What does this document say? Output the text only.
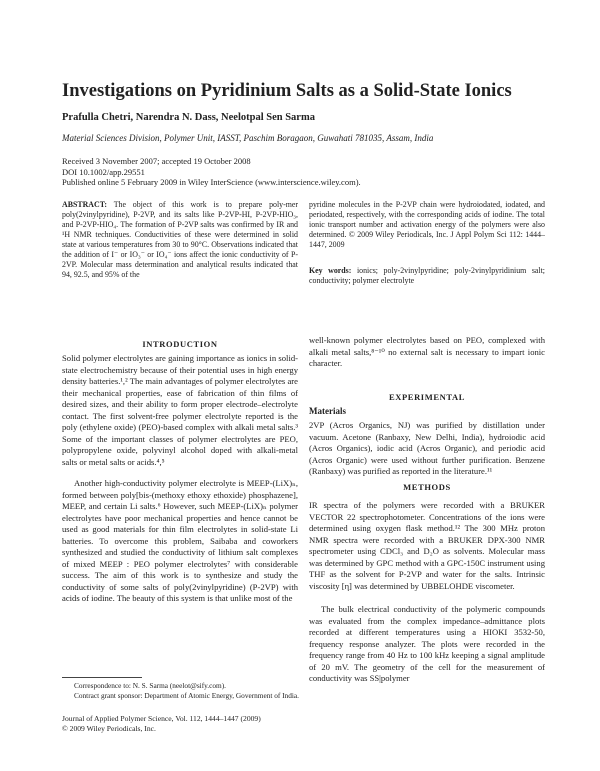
Investigations on Pyridinium Salts as a Solid-State Ionics
Prafulla Chetri, Narendra N. Dass, Neelotpal Sen Sarma
Material Sciences Division, Polymer Unit, IASST, Paschim Boragaon, Guwahati 781035, Assam, India
Received 3 November 2007; accepted 19 October 2008
DOI 10.1002/app.29551
Published online 5 February 2009 in Wiley InterScience (www.interscience.wiley.com).

ABSTRACT: The object of this work is to prepare poly-mer poly(2vinylpyridine), P-2VP, and its salts like P-2VP-HI, P-2VP-HIO₃, and P-2VP-HIO₄. The formation of P-2VP salts was confirmed by IR and ¹H NMR techniques. Conductivities of these were determined in solid state at various temperatures from 30 to 90°C. Observations indicated that the addition of I⁻ or IO₃⁻ or IO₄⁻ ions affect the ionic conductivity of P-2VP. Molecular mass determination and analytical results indicated that 94, 92.5, and 95% of the

pyridine molecules in the P-2VP chain were hydroiodated, iodated, and periodated, respectively, with the corresponding acids of iodine. The total ionic transport number and activation energy of the polymers were also determined. © 2009 Wiley Periodicals, Inc. J Appl Polym Sci 112: 1444–1447, 2009

Key words: ionics; poly-2vinylpyridine; poly-2vinylpyridinium salt; conductivity; polymer electrolyte

INTRODUCTION

Solid polymer electrolytes are gaining importance as ionics in solid-state electrochemistry because of their potential uses in high energy density batteries.¹,² The main advantages of polymer electrolytes are their mechanical properties, ease of fabrication of thin films of desired sizes, and their ability to form proper electrode–electrolyte contact. The first solvent-free polymer electrolyte reported is the poly (ethylene oxide) (PEO)-based complex with alkali metal salts.³ Some of the important classes of polymer electrolytes are PEO, polypropylene oxide, polyvinyl alcohol doped with alkali-metal salts or metal salts or acids.⁴,⁵

Another high-conductivity polymer electrolyte is MEEP-(LiX)ₙ, formed between poly[bis-(methoxy ethoxy ethoxide) phosphazene], MEEP, and certain Li salts.⁶ However, such MEEP-(LiX)ₙ polymer electrolytes have poor mechanical properties and hence cannot be used as good materials for thin film electrolytes in solid-state Li batteries. To overcome this problem, Saibaba and coworkers synthesized and studied the conductivity of lithium salt complexes of mixed MEEP : PEO polymer electrolytes⁷ with considerable success. The aim of this work is to synthesize and study the conductivity of some salts of poly(2vinylpyridine) (P-2VP) with acids of iodine. The beauty of this system is that unlike most of the

well-known polymer electrolytes based on PEO, complexed with alkali metal salts,⁸⁻¹⁰ no external salt is necessary to impart ionic character.

EXPERIMENTAL
Materials

2VP (Acros Organics, NJ) was purified by distillation under vacuum. Acetone (Ranbaxy, New Delhi, India), hydroiodic acid (Acros Organics), iodic acid (Acros Organic), and periodic acid (Acros Organic) were used without further purification. Benzene (Ranbaxy) was purified as reported in the literature.¹¹

METHODS

IR spectra of the polymers were recorded with a BRUKER VECTOR 22 spectrophotometer. Concentrations of the ions were determined using oxygen flask method.¹² The 300 MHz proton NMR spectra were recorded with a BRUKER DPX-300 NMR spectrometer using CDCl₃ and D₂O as solvents. Molecular mass was determined by GPC method with a GPC-150C instrument using THF as the solvent for P-2VP and water for the salts. Intrinsic viscosity [η] was determined by UBBELOHDE viscometer.

The bulk electrical conductivity of the polymeric compounds was evaluated from the complex impedance–admittance plots recorded at different temperatures using a HIOKI 3532-50, frequency response analyzer. The plots were recorded in the frequency range from 40 Hz to 100 kHz keeping a signal amplitude of 20 mV. The geometry of the cell for the measurement of conductivity was SS|polymer

Correspondence to: N. S. Sarma (neelot@sify.com).

Contract grant sponsor: Department of Atomic Energy, Government of India.

Journal of Applied Polymer Science, Vol. 112, 1444–1447 (2009)
© 2009 Wiley Periodicals, Inc.
